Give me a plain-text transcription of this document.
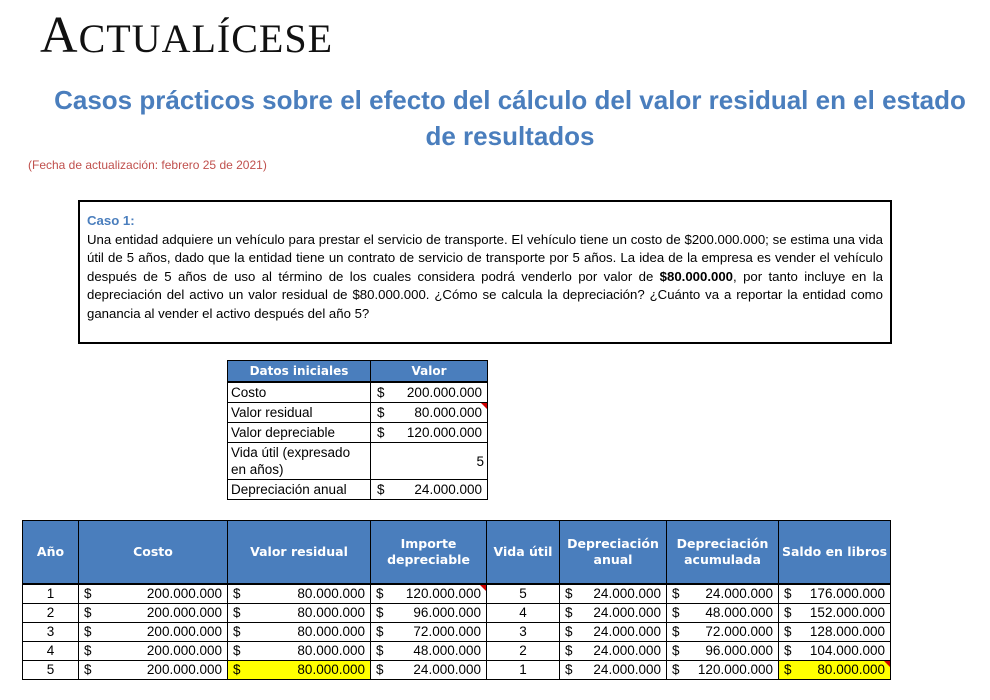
ACTUALÍCESE
Casos prácticos sobre el efecto del cálculo del valor residual en el estado de resultados
(Fecha de actualización: febrero 25 de 2021)
Caso 1:
Una entidad adquiere un vehículo para prestar el servicio de transporte. El vehículo tiene un costo de $200.000.000; se estima una vida útil de 5 años, dado que la entidad tiene un contrato de servicio de transporte por 5 años. La idea de la empresa es vender el vehículo después de 5 años de uso al término de los cuales considera podrá venderlo por valor de $80.000.000, por tanto incluye en la depreciación del activo un valor residual de $80.000.000. ¿Cómo se calcula la depreciación? ¿Cuánto va a reportar la entidad como ganancia al vender el activo después del año 5?
Datos iniciales	Valor	
Costo	$	200.000.000
Valor residual	$	80.000.000
Valor depreciable	$	120.000.000
Vida útil (expresado en años)	5	
Depreciación anual	$	24.000.000
Año	Costo		Valor residual		Importe depreciable		Vida útil	Depreciación anual		Depreciación acumulada		Saldo en libros	
1	$	200.000.000	$	80.000.000	$	120.000.000	5	$	24.000.000	$	24.000.000	$	176.000.000
2	$	200.000.000	$	80.000.000	$	96.000.000	4	$	24.000.000	$	48.000.000	$	152.000.000
3	$	200.000.000	$	80.000.000	$	72.000.000	3	$	24.000.000	$	72.000.000	$	128.000.000
4	$	200.000.000	$	80.000.000	$	48.000.000	2	$	24.000.000	$	96.000.000	$	104.000.000
5	$	200.000.000	$	80.000.000	$	24.000.000	1	$	24.000.000	$	120.000.000	$	80.000.000
